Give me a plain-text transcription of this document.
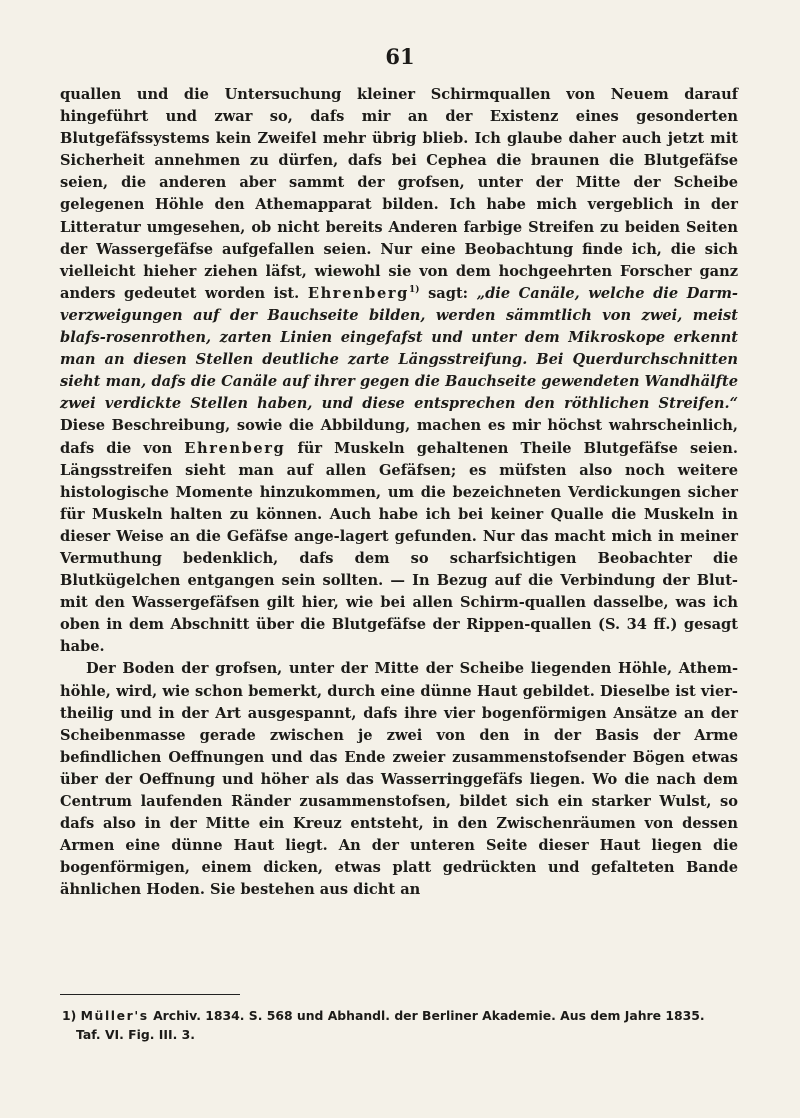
61

quallen und die Untersuchung kleiner Schirmquallen von Neuem darauf hingeführt und zwar so, dafs mir an der Existenz eines gesonderten Blutgefäfssystems kein Zweifel mehr übrig blieb. Ich glaube daher auch jetzt mit Sicherheit annehmen zu dürfen, dafs bei Cephea die braunen die Blutgefäfse seien, die anderen aber sammt der grofsen, unter der Mitte der Scheibe gelegenen Höhle den Athemapparat bilden. Ich habe mich vergeblich in der Litteratur umgesehen, ob nicht bereits Anderen farbige Streifen zu beiden Seiten der Wassergefäfse aufgefallen seien. Nur eine Beobachtung finde ich, die sich vielleicht hieher ziehen läfst, wiewohl sie von dem hochgeehrten Forscher ganz anders gedeutet worden ist. Ehrenberg$^{1)}$ sagt: „die Canäle, welche die Darm-verzweigungen auf der Bauchseite bilden, werden sämmtlich von zwei, meist blafs-rosenrothen, zarten Linien eingefafst und unter dem Mikroskope erkennt man an diesen Stellen deutliche zarte Längsstreifung. Bei Querdurchschnitten sieht man, dafs die Canäle auf ihrer gegen die Bauchseite gewendeten Wandhälfte zwei verdickte Stellen haben, und diese entsprechen den röthlichen Streifen.“ Diese Beschreibung, sowie die Abbildung, machen es mir höchst wahrscheinlich, dafs die von Ehrenberg für Muskeln gehaltenen Theile Blutgefäfse seien. Längsstreifen sieht man auf allen Gefäfsen; es müfsten also noch weitere histologische Momente hinzukommen, um die bezeichneten Verdickungen sicher für Muskeln halten zu können. Auch habe ich bei keiner Qualle die Muskeln in dieser Weise an die Gefäfse ange-lagert gefunden. Nur das macht mich in meiner Vermuthung bedenklich, dafs dem so scharfsichtigen Beobachter die Blutkügelchen entgangen sein sollten. — In Bezug auf die Verbindung der Blut- mit den Wassergefäfsen gilt hier, wie bei allen Schirm-quallen dasselbe, was ich oben in dem Abschnitt über die Blutgefäfse der Rippen-quallen (S. 34 ff.) gesagt habe.

Der Boden der grofsen, unter der Mitte der Scheibe liegenden Höhle, Athem-höhle, wird, wie schon bemerkt, durch eine dünne Haut gebildet. Dieselbe ist vier-theilig und in der Art ausgespannt, dafs ihre vier bogenförmigen Ansätze an der Scheibenmasse gerade zwischen je zwei von den in der Basis der Arme befindlichen Oeffnungen und das Ende zweier zusammenstofsender Bögen etwas über der Oeffnung und höher als das Wasserringgefäfs liegen. Wo die nach dem Centrum laufenden Ränder zusammenstofsen, bildet sich ein starker Wulst, so dafs also in der Mitte ein Kreuz entsteht, in den Zwischenräumen von dessen Armen eine dünne Haut liegt. An der unteren Seite dieser Haut liegen die bogenförmigen, einem dicken, etwas platt gedrückten und gefalteten Bande ähnlichen Hoden. Sie bestehen aus dicht an

1) Müller's Archiv. 1834. S. 568 und Abhandl. der Berliner Akademie. Aus dem Jahre 1835.
Taf. VI. Fig. III. 3.
